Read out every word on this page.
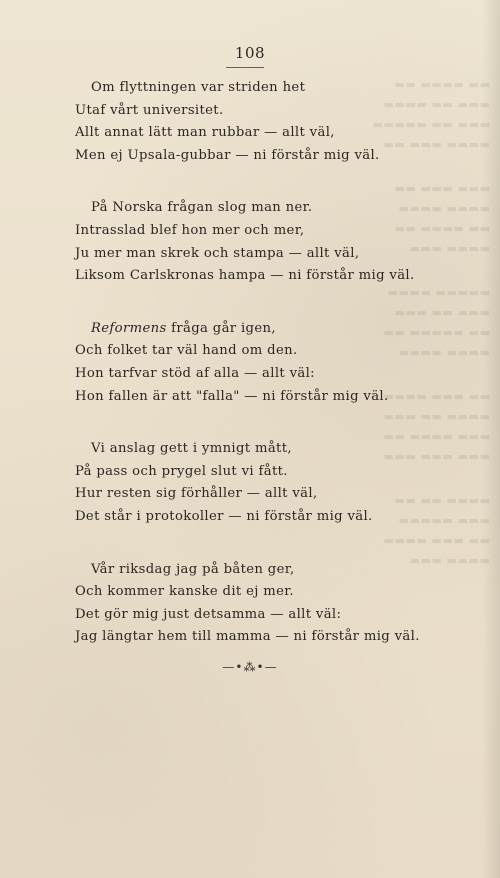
▬▬ ▬▬▬▬ ▬▬
▬▬▬ ▬▬ ▬▬▬▬
▬▬▬ ▬▬ ▬▬▬▬▬
▬▬▬▬ ▬▬▬ ▬▬
▬▬▬ ▬▬▬ ▬▬
▬▬▬▬ ▬▬▬▬
▬▬ ▬▬▬▬ ▬▬
▬▬▬▬ ▬▬▬
▬▬▬▬▬ ▬▬▬▬
▬▬▬ ▬▬ ▬▬▬
▬▬ ▬▬▬▬▬ ▬▬
▬▬▬▬ ▬▬▬▬
▬▬ ▬▬▬ ▬▬▬▬
▬▬▬▬ ▬▬ ▬▬▬
▬▬▬ ▬▬▬▬ ▬▬
▬▬▬ ▬▬▬ ▬▬▬
▬▬▬▬ ▬▬ ▬▬
▬▬▬ ▬▬▬▬▬
▬▬ ▬▬▬ ▬▬▬▬
▬▬▬▬ ▬▬▬
108

Om flyttningen var striden het

Utaf vårt universitet.

Allt annat lätt man rubbar — allt väl,

Men ej Upsala-gubbar — ni förstår mig väl.

På Norska frågan slog man ner.

Intrasslad blef hon mer och mer,

Ju mer man skrek och stampa — allt väl,

Liksom Carlskronas hampa — ni förstår mig väl.

Reformens fråga går igen,

Och folket tar väl hand om den.

Hon tarfvar stöd af alla — allt väl:

Hon fallen är att "falla" — ni förstår mig väl.

Vi anslag gett i ymnigt mått,

På pass och prygel slut vi fått.

Hur resten sig förhåller — allt väl,

Det står i protokoller — ni förstår mig väl.

Vår riksdag jag på båten ger,

Och kommer kanske dit ej mer.

Det gör mig just detsamma — allt väl:

Jag längtar hem till mamma — ni förstår mig väl.

—•⁂•—
